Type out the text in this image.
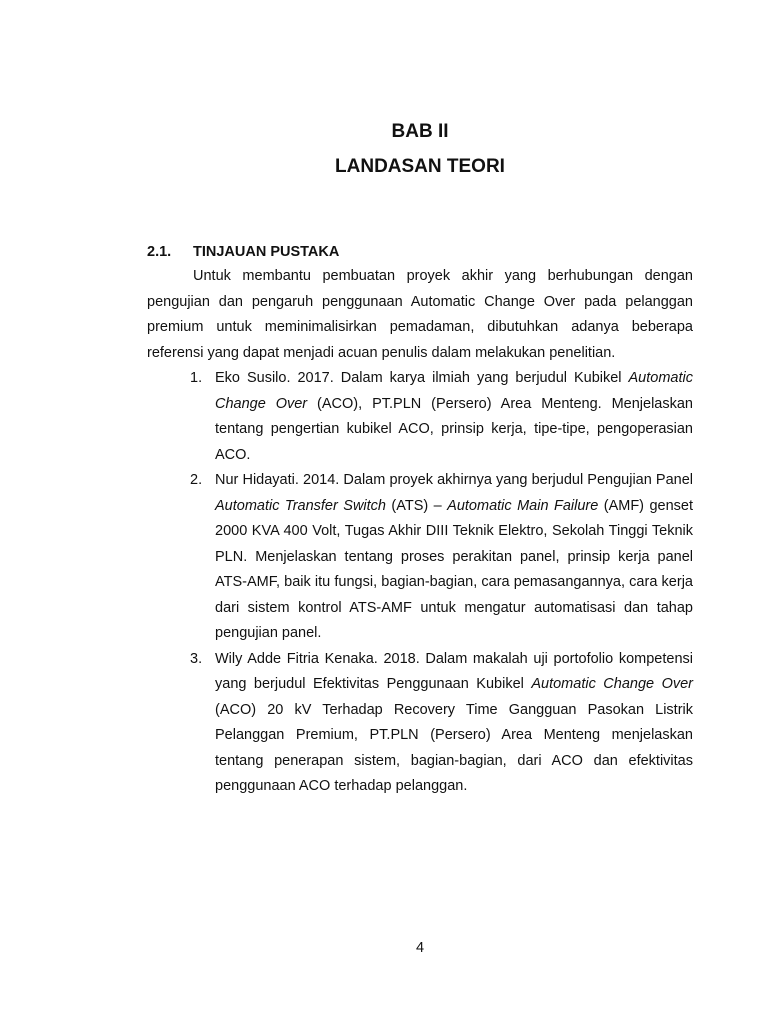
BAB II
LANDASAN TEORI
2.1. TINJAUAN PUSTAKA

Untuk membantu pembuatan proyek akhir yang berhubungan dengan pengujian dan pengaruh penggunaan Automatic Change Over pada pelanggan premium untuk meminimalisirkan pemadaman, dibutuhkan adanya beberapa referensi yang dapat menjadi acuan penulis dalam melakukan penelitian.

1. Eko Susilo. 2017. Dalam karya ilmiah yang berjudul Kubikel Automatic Change Over (ACO), PT.PLN (Persero) Area Menteng. Menjelaskan tentang pengertian kubikel ACO, prinsip kerja, tipe-tipe, pengoperasian ACO.
2. Nur Hidayati. 2014. Dalam proyek akhirnya yang berjudul Pengujian Panel Automatic Transfer Switch (ATS) – Automatic Main Failure (AMF) genset 2000 KVA 400 Volt, Tugas Akhir DIII Teknik Elektro, Sekolah Tinggi Teknik PLN. Menjelaskan tentang proses perakitan panel, prinsip kerja panel ATS-AMF, baik itu fungsi, bagian-bagian, cara pemasangannya, cara kerja dari sistem kontrol ATS-AMF untuk mengatur automatisasi dan tahap pengujian panel.
3. Wily Adde Fitria Kenaka. 2018. Dalam makalah uji portofolio kompetensi yang berjudul Efektivitas Penggunaan Kubikel Automatic Change Over (ACO) 20 kV Terhadap Recovery Time Gangguan Pasokan Listrik Pelanggan Premium, PT.PLN (Persero) Area Menteng menjelaskan tentang penerapan sistem, bagian-bagian, dari ACO dan efektivitas penggunaan ACO terhadap pelanggan.
4
